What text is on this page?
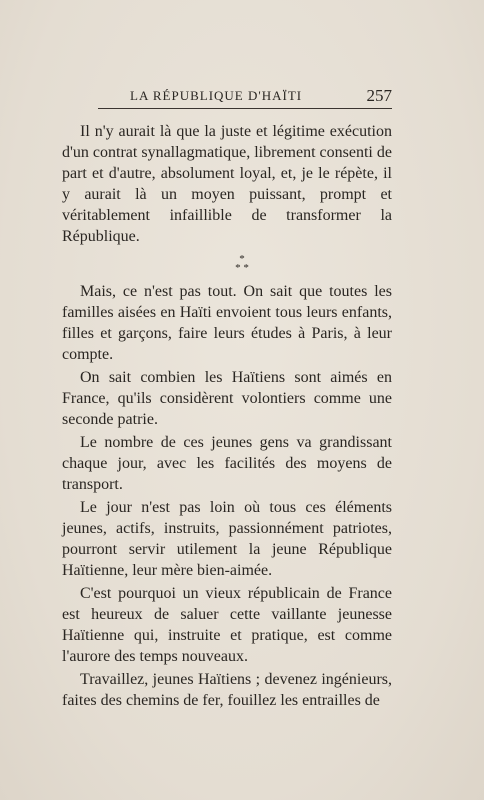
LA RÉPUBLIQUE D'HAÏTI	257

Il n'y aurait là que la juste et légitime exécution d'un contrat synallagmatique, librement consenti de part et d'autre, absolument loyal, et, je le répète, il y aurait là un moyen puissant, prompt et véritablement infaillible de transformer la République.

*
* *

Mais, ce n'est pas tout. On sait que toutes les familles aisées en Haïti envoient tous leurs enfants, filles et garçons, faire leurs études à Paris, à leur compte.

On sait combien les Haïtiens sont aimés en France, qu'ils considèrent volontiers comme une seconde patrie.

Le nombre de ces jeunes gens va grandissant chaque jour, avec les facilités des moyens de transport.

Le jour n'est pas loin où tous ces éléments jeunes, actifs, instruits, passionnément patriotes, pourront servir utilement la jeune République Haïtienne, leur mère bien-aimée.

C'est pourquoi un vieux républicain de France est heureux de saluer cette vaillante jeunesse Haïtienne qui, instruite et pratique, est comme l'aurore des temps nouveaux.

Travaillez, jeunes Haïtiens ; devenez ingénieurs, faites des chemins de fer, fouillez les entrailles de
